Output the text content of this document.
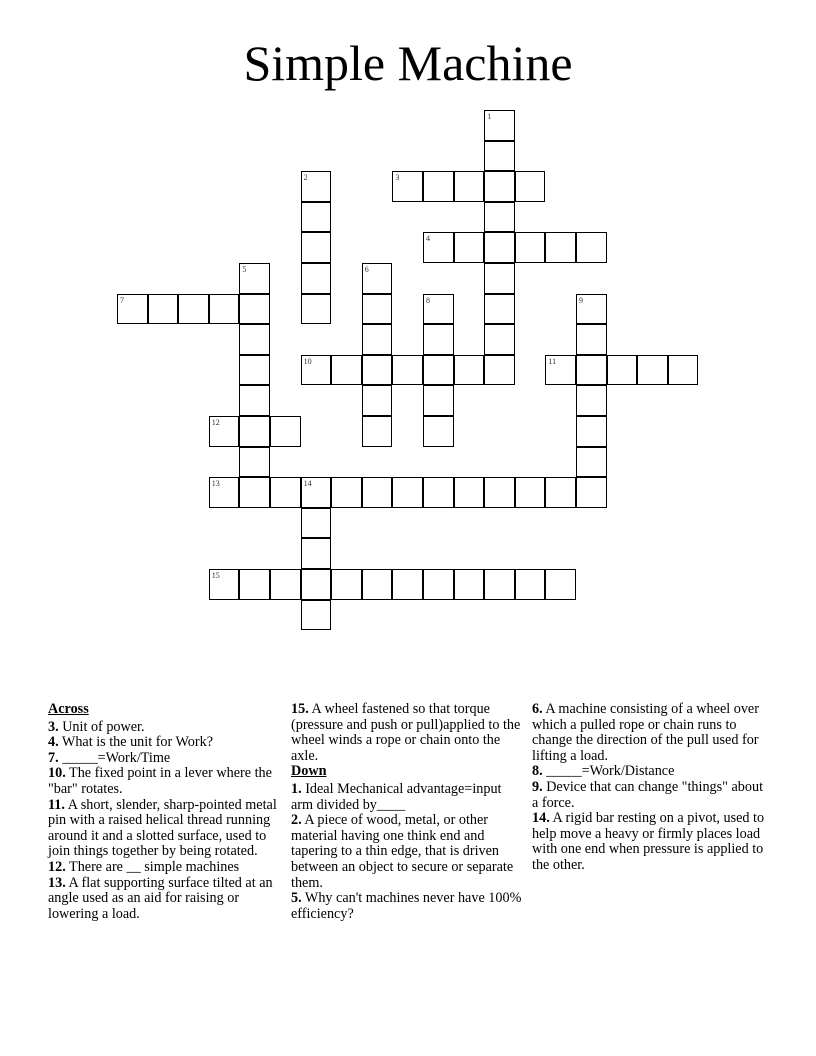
Simple Machine
1
2	3
4
5	6
7	8	9
10	11
12
13	14
15
Across
3. Unit of power.
4. What is the unit for Work?
7. _____=Work/Time
10. The fixed point in a lever where the "bar" rotates.
11. A short, slender, sharp-pointed metal pin with a raised helical thread running around it and a slotted surface, used to join things together by being rotated.
12. There are __ simple machines
13. A flat supporting surface tilted at an angle used as an aid for raising or lowering a load.
15. A wheel fastened so that torque (pressure and push or pull)applied to the wheel winds a rope or chain onto the axle.
Down
1. Ideal Mechanical advantage=input arm divided by____
2. A piece of wood, metal, or other material having one think end and tapering to a thin edge, that is driven between an object to secure or separate them.
5. Why can't machines never have 100% efficiency?
6. A machine consisting of a wheel over which a pulled rope or chain runs to change the direction of the pull used for lifting a load.
8. _____=Work/Distance
9. Device that can change "things" about a force.
14. A rigid bar resting on a pivot, used to help move a heavy or firmly places load with one end when pressure is applied to the other.
